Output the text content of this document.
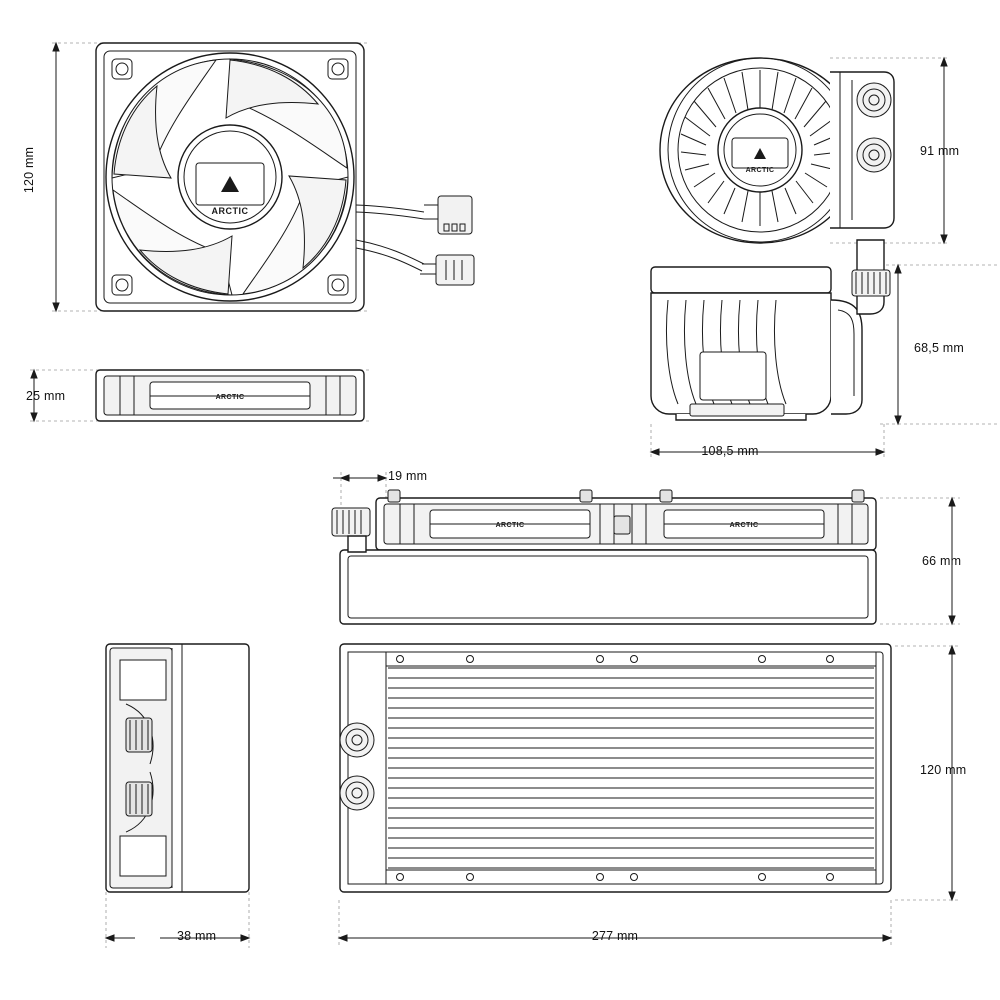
ARCTIC
ARCTIC
ARCTIC
ARCTIC	ARCTIC
120 mm
25 mm
91 mm
68,5 mm
108,5 mm
19 mm
66 mm
120 mm
38 mm	277 mm
